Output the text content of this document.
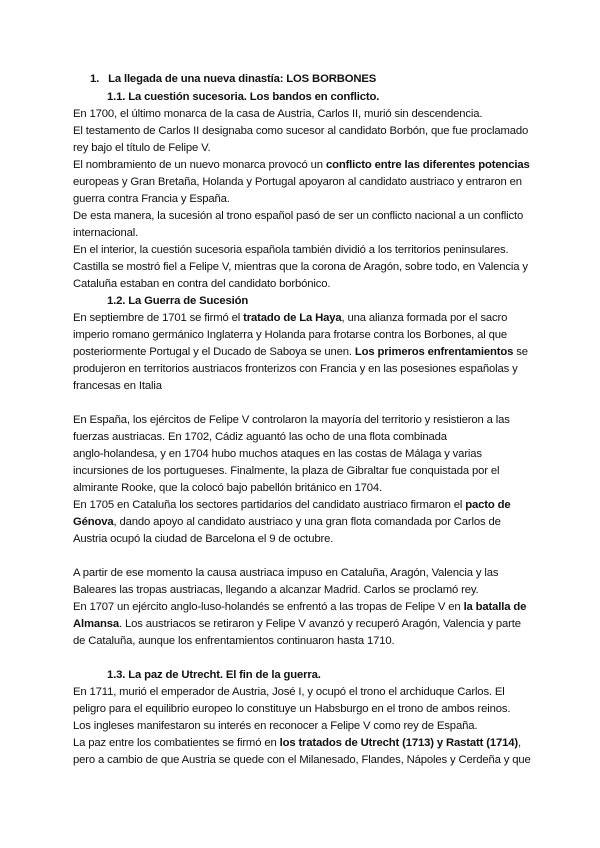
1.   La llegada de una nueva dinastía: LOS BORBONES
1.1. La cuestión sucesoria. Los bandos en conflicto.
En 1700, el último monarca de la casa de Austria, Carlos II, murió sin descendencia.
El testamento de Carlos II designaba como sucesor al candidato Borbón, que fue proclamado
rey bajo el título de Felipe V.
El nombramiento de un nuevo monarca provocó un conflicto entre las diferentes potencias
europeas y Gran Bretaña, Holanda y Portugal apoyaron al candidato austriaco y entraron en
guerra contra Francia y España.
De esta manera, la sucesión al trono español pasó de ser un conflicto nacional a un conflicto
internacional.
En el interior, la cuestión sucesoria española también dividió a los territorios peninsulares.
Castilla se mostró fiel a Felipe V, mientras que la corona de Aragón, sobre todo, en Valencia y
Cataluña estaban en contra del candidato borbónico.
1.2. La Guerra de Sucesión
En septiembre de 1701 se firmó el tratado de La Haya, una alianza formada por el sacro
imperio romano germánico Inglaterra y Holanda para frotarse contra los Borbones, al que
posteriormente Portugal y el Ducado de Saboya se unen. Los primeros enfrentamientos se
produjeron en territorios austriacos fronterizos con Francia y en las posesiones españolas y
francesas en Italia
En España, los ejércitos de Felipe V controlaron la mayoría del territorio y resistieron a las
fuerzas austriacas. En 1702, Cádiz aguantó las ocho de una flota combinada
anglo-holandesa, y en 1704 hubo muchos ataques en las costas de Málaga y varias
incursiones de los portugueses. Finalmente, la plaza de Gibraltar fue conquistada por el
almirante Rooke, que la colocó bajo pabellón británico en 1704.
En 1705 en Cataluña los sectores partidarios del candidato austriaco firmaron el pacto de
Génova, dando apoyo al candidato austriaco y una gran flota comandada por Carlos de
Austria ocupó la ciudad de Barcelona el 9 de octubre.
A partir de ese momento la causa austriaca impuso en Cataluña, Aragón, Valencia y las
Baleares las tropas austriacas, llegando a alcanzar Madrid. Carlos se proclamó rey.
En 1707 un ejército anglo-luso-holandés se enfrentó a las tropas de Felipe V en la batalla de
Almansa. Los austriacos se retiraron y Felipe V avanzó y recuperó Aragón, Valencia y parte
de Cataluña, aunque los enfrentamientos continuaron hasta 1710.
1.3. La paz de Utrecht. El fin de la guerra.
En 1711, murió el emperador de Austria, José I, y ocupó el trono el archiduque Carlos. El
peligro para el equilibrio europeo lo constituye un Habsburgo en el trono de ambos reinos.
Los ingleses manifestaron su interés en reconocer a Felipe V como rey de España.
La paz entre los combatientes se firmó en los tratados de Utrecht (1713) y Rastatt (1714),
pero a cambio de que Austria se quede con el Milanesado, Flandes, Nápoles y Cerdeña y que
